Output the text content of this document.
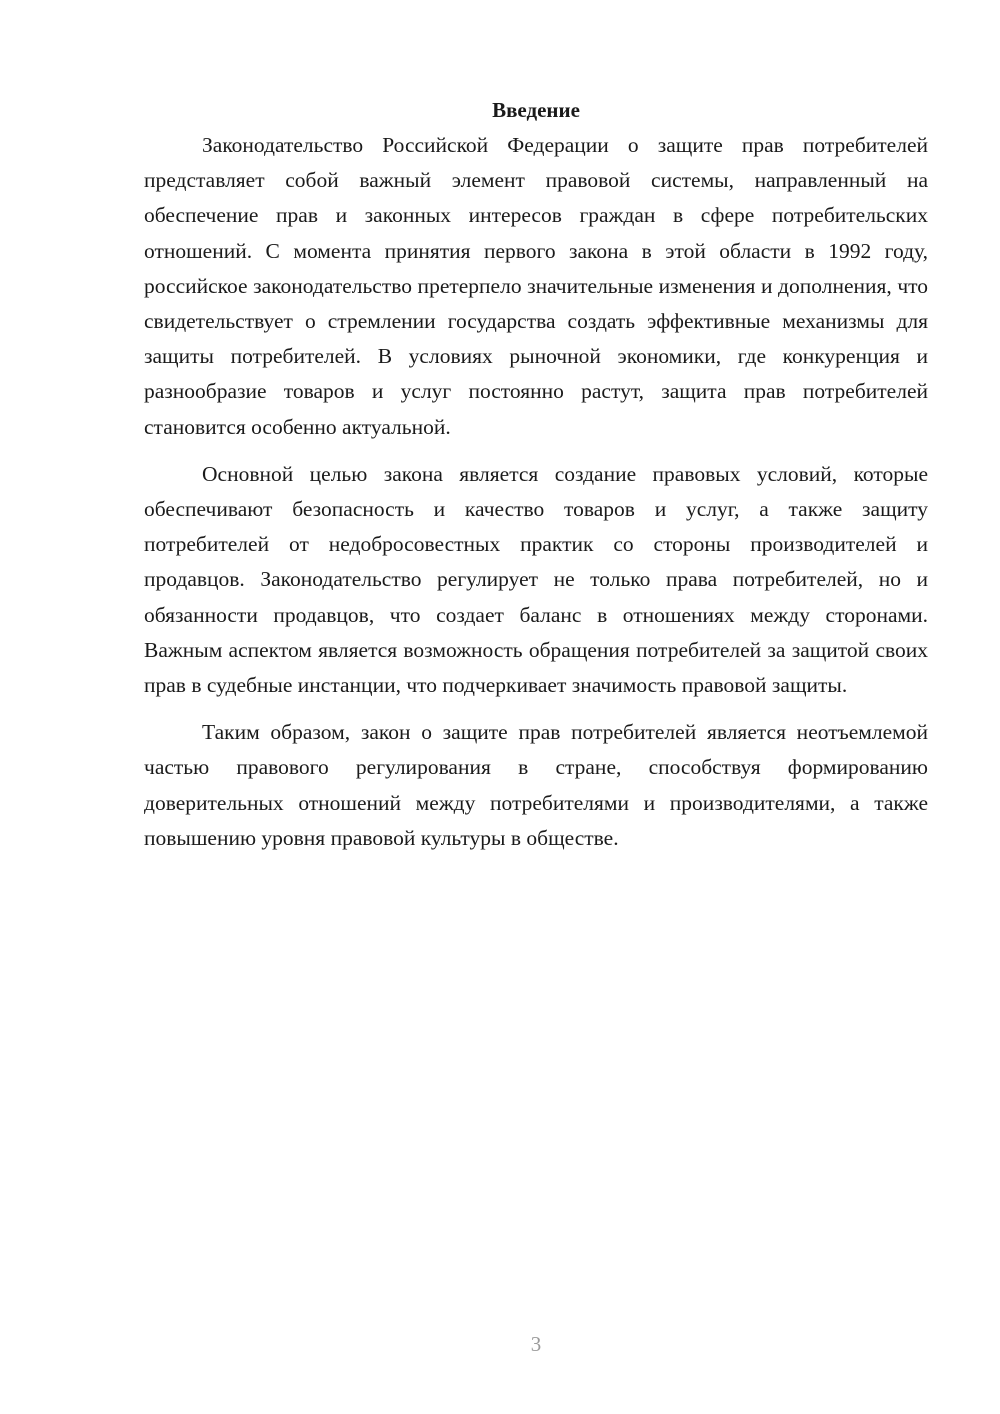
Введение

Законодательство Российской Федерации о защите прав потребителей представляет собой важный элемент правовой системы, направленный на обеспечение прав и законных интересов граждан в сфере потребительских отношений. С момента принятия первого закона в этой области в 1992 году, российское законодательство претерпело значительные изменения и дополнения, что свидетельствует о стремлении государства создать эффективные механизмы для защиты потребителей. В условиях рыночной экономики, где конкуренция и разнообразие товаров и услуг постоянно растут, защита прав потребителей становится особенно актуальной.

Основной целью закона является создание правовых условий, которые обеспечивают безопасность и качество товаров и услуг, а также защиту потребителей от недобросовестных практик со стороны производителей и продавцов. Законодательство регулирует не только права потребителей, но и обязанности продавцов, что создает баланс в отношениях между сторонами. Важным аспектом является возможность обращения потребителей за защитой своих прав в судебные инстанции, что подчеркивает значимость правовой защиты.

Таким образом, закон о защите прав потребителей является неотъемлемой частью правового регулирования в стране, способствуя формированию доверительных отношений между потребителями и производителями, а также повышению уровня правовой культуры в обществе.

3
